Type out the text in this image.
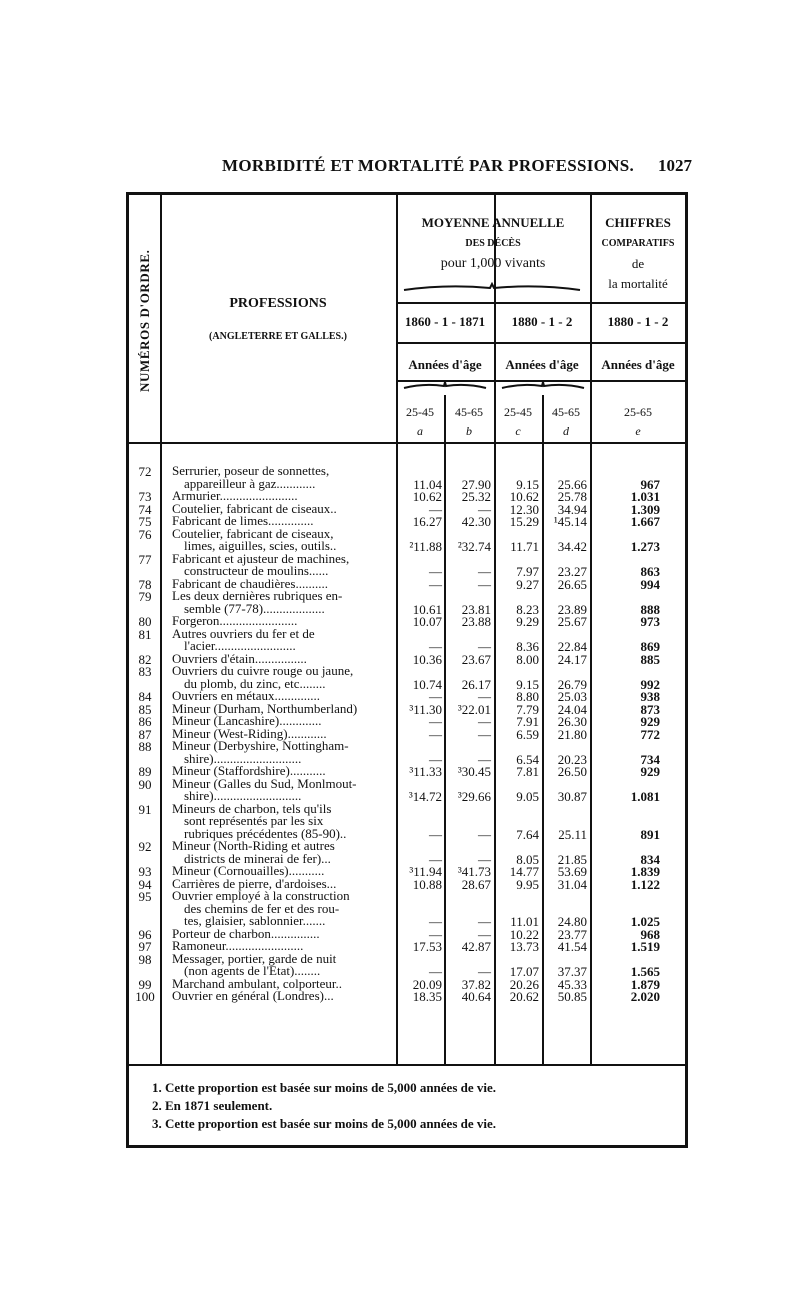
MORBIDITÉ ET MORTALITÉ PAR PROFESSIONS. 1027
NUMÉROS D'ORDRE.	PROFESSIONS
(ANGLETERRE ET GALLES.)
MOYENNE ANNUELLE
DES DÉCÈS
pour 1,000 vivants
CHIFFRES
COMPARATIFS
de
la mortalité
1860 - 1 - 1871	1880 - 1 - 2	1880 - 1 - 2
Années d'âge	Années d'âge	Années d'âge
25-45	45-65	25-45	45-65	25-65
a	b	c	d	e
72	Serrurier, poseur de sonnettes,
appareilleur à gaz............	11.04	27.90	9.15	25.66	967
73	Armurier........................	10.62	25.32	10.62	25.78	1.031
74	Coutelier, fabricant de ciseaux..	—	—	12.30	34.94	1.309
75	Fabricant de limes..............	16.27	42.30	15.29	¹45.14	1.667
76	Coutelier, fabricant de ciseaux,
limes, aiguilles, scies, outils..	²11.88	²32.74	11.71	34.42	1.273
77	Fabricant et ajusteur de machines,
constructeur de moulins......	—	—	7.97	23.27	863
78	Fabricant de chaudières..........	—	—	9.27	26.65	994
79	Les deux dernières rubriques en-
semble (77-78)...................	10.61	23.81	8.23	23.89	888
80	Forgeron........................	10.07	23.88	9.29	25.67	973
81	Autres ouvriers du fer et de
l'acier.........................	—	—	8.36	22.84	869
82	Ouvriers d'étain................	10.36	23.67	8.00	24.17	885
83	Ouvriers du cuivre rouge ou jaune,
du plomb, du zinc, etc........	10.74	26.17	9.15	26.79	992
84	Ouvriers en métaux..............	—	—	8.80	25.03	938
85	Mineur (Durham, Northumberland)	³11.30	³22.01	7.79	24.04	873
86	Mineur (Lancashire).............	—	—	7.91	26.30	929
87	Mineur (West-Riding)............	—	—	6.59	21.80	772
88	Mineur (Derbyshire, Nottingham-
shire)...........................	—	—	6.54	20.23	734
89	Mineur (Staffordshire)...........	³11.33	³30.45	7.81	26.50	929
90	Mineur (Galles du Sud, Monlmout-
shire)...........................	³14.72	³29.66	9.05	30.87	1.081
91	Mineurs de charbon, tels qu'ils
sont représentés par les six
rubriques précédentes (85-90)..	—	—	7.64	25.11	891
92	Mineur (North-Riding et autres
districts de minerai de fer)...	—	—	8.05	21.85	834
93	Mineur (Cornouailles)...........	³11.94	³41.73	14.77	53.69	1.839
94	Carrières de pierre, d'ardoises...	10.88	28.67	9.95	31.04	1.122
95	Ouvrier employé à la construction
des chemins de fer et des rou-
tes, glaisier, sablonnier.......	—	—	11.01	24.80	1.025
96	Porteur de charbon...............	—	—	10.22	23.77	968
97	Ramoneur........................	17.53	42.87	13.73	41.54	1.519
98	Messager, portier, garde de nuit
(non agents de l'Etat)........	—	—	17.07	37.37	1.565
99	Marchand ambulant, colporteur..	20.09	37.82	20.26	45.33	1.879
100 Ouvrier en général (Londres)...	18.35	40.64	20.62	50.85	2.020
1. Cette proportion est basée sur moins de 5,000 années de vie.
2. En 1871 seulement.
3. Cette proportion est basée sur moins de 5,000 années de vie.
